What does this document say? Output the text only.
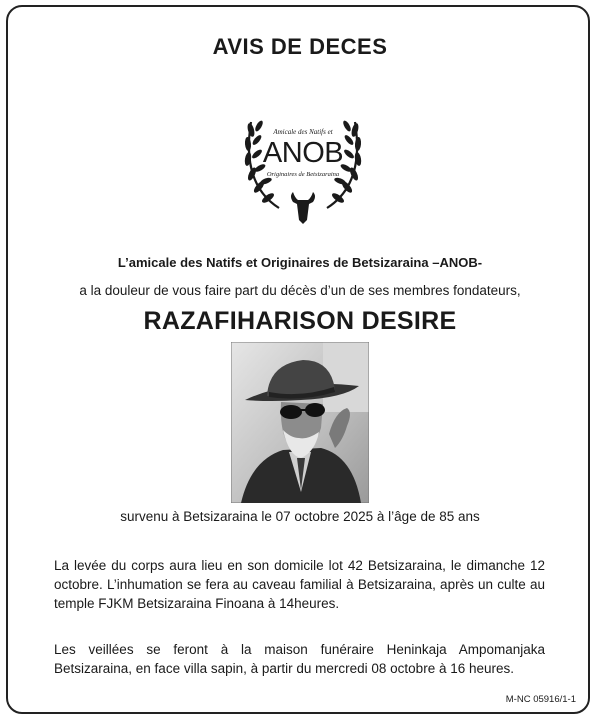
AVIS DE DECES
Amicale des Natifs et
ANOB
Originaires de Betsizaraina
L’amicale des Natifs et Originaires de Betsizaraina –ANOB-
a la douleur de vous faire part du décès d’un de ses membres fondateurs,
RAZAFIHARISON DESIRE
survenu à Betsizaraina le 07 octobre 2025 à l’âge de 85 ans
La levée du corps aura lieu en son domicile lot 42 Betsizaraina, le dimanche 12 octobre. L’inhumation se fera au caveau familial à Betsizaraina, après un culte au temple FJKM Betsizaraina Finoana à 14heures.
Les veillées se feront à la maison funéraire Heninkaja Ampomanjaka Betsizaraina, en face villa sapin, à partir du mercredi 08 octobre à 16 heures.
M-NC 05916/1-1
